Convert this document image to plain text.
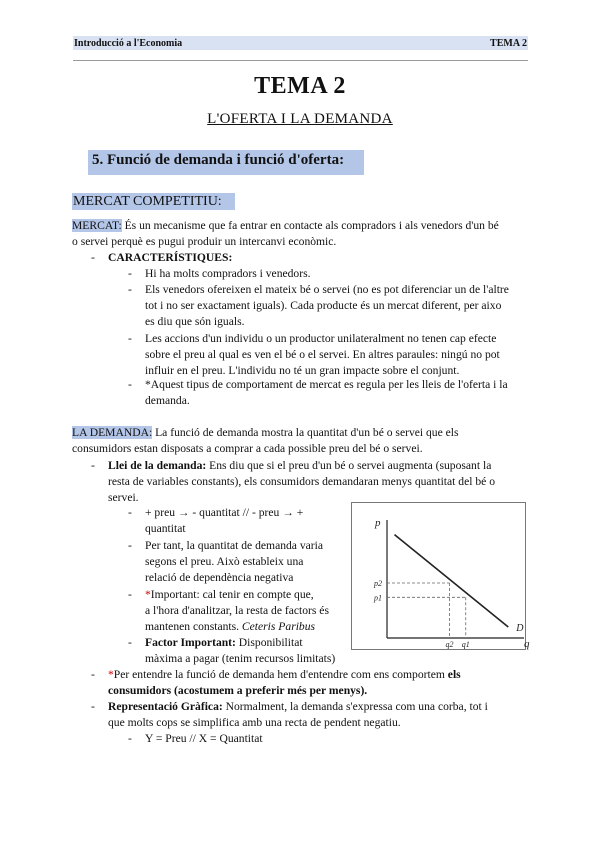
Introducció a l'Economia	TEMA 2
TEMA 2
L'OFERTA I LA DEMANDA
5. Funció de demanda i funció d'oferta:
MERCAT COMPETITIU:
MERCAT: És un mecanisme que fa entrar en contacte als compradors i als venedors d'un bé
o servei perquè es pugui produir un intercanvi econòmic.
- CARACTERÍSTIQUES:
- Hi ha molts compradors i venedors.
- Els venedors ofereixen el mateix bé o servei (no es pot diferenciar un de l'altre
tot i no ser exactament iguals). Cada producte és un mercat diferent, per aixo
es diu que són iguals.
- Les accions d'un individu o un productor unilateralment no tenen cap efecte
sobre el preu al qual es ven el bé o el servei. En altres paraules: ningú no pot
influir en el preu. L'individu no té un gran impacte sobre el conjunt.
- *Aquest tipus de comportament de mercat es regula per les lleis de l'oferta i la
demanda.
LA DEMANDA: La funció de demanda mostra la quantitat d'un bé o servei que els
consumidors estan disposats a comprar a cada possible preu del bé o servei.
- Llei de la demanda: Ens diu que si el preu d'un bé o servei augmenta (suposant la
resta de variables constants), els consumidors demandaran menys quantitat del bé o
servei.
- + preu → - quantitat // - preu → +
quantitat
- Per tant, la quantitat de demanda varia
segons el preu. Això estableix una
relació de dependència negativa
- *Important: cal tenir en compte que,
a l'hora d'analitzar, la resta de factors és
mantenen constants. Ceteris Paribus
- Factor Important: Disponibilitat
màxima a pagar (tenim recursos limitats)
- *Per entendre la funció de demanda hem d'entendre com ens comportem els
consumidors (acostumem a preferir més per menys).
- Representació Gràfica: Normalment, la demanda s'expressa com una corba, tot i
que molts cops se simplifica amb una recta de pendent negatiu.
- Y = Preu // X = Quantitat
p
q
D
p2
p1
q2 q1
